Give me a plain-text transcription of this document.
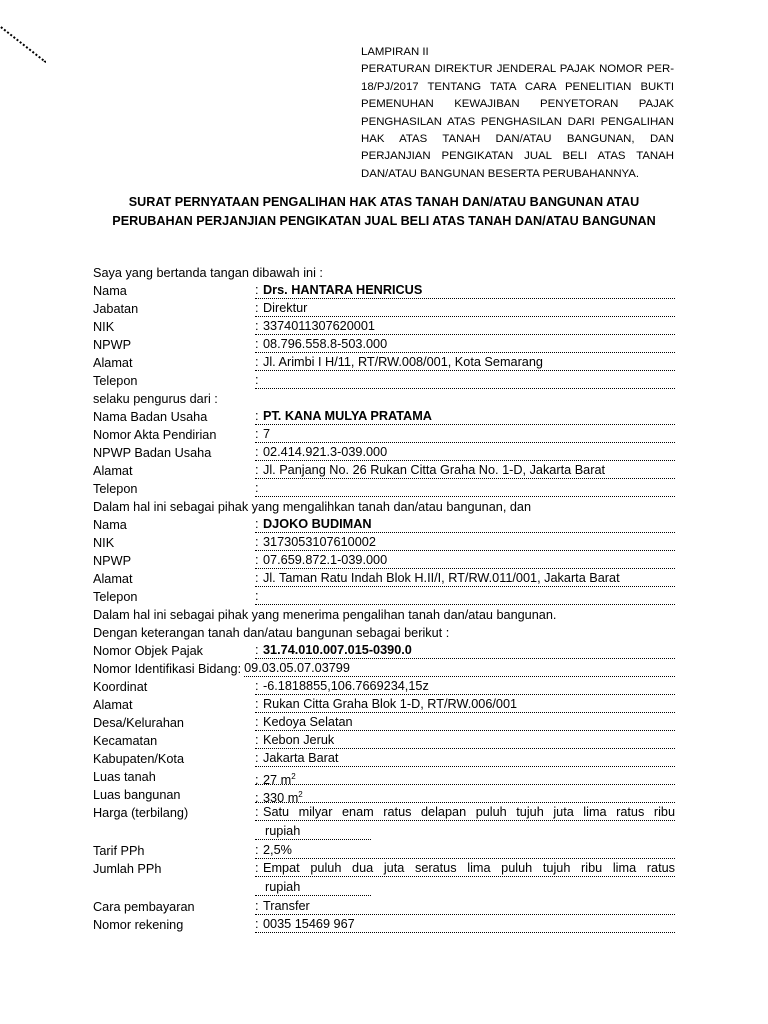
LAMPIRAN II
PERATURAN DIREKTUR JENDERAL PAJAK NOMOR PER-18/PJ/2017 TENTANG TATA CARA PENELITIAN BUKTI PEMENUHAN KEWAJIBAN PENYETORAN PAJAK PENGHASILAN ATAS PENGHASILAN DARI PENGALIHAN HAK ATAS TANAH DAN/ATAU BANGUNAN, DAN PERJANJIAN PENGIKATAN JUAL BELI ATAS TANAH DAN/ATAU BANGUNAN BESERTA PERUBAHANNYA.
SURAT PERNYATAAN PENGALIHAN HAK ATAS TANAH DAN/ATAU BANGUNAN ATAU
PERUBAHAN PERJANJIAN PENGIKATAN JUAL BELI ATAS TANAH DAN/ATAU BANGUNAN
Saya yang bertanda tangan dibawah ini :
Nama	: Drs. HANTARA HENRICUS
Jabatan	: Direktur
NIK	: 3374011307620001
NPWP	: 08.796.558.8-503.000
Alamat	: Jl. Arimbi I H/11, RT/RW.008/001, Kota Semarang
Telepon	:
selaku pengurus dari :
Nama Badan Usaha	: PT. KANA MULYA PRATAMA
Nomor Akta Pendirian	: 7
NPWP Badan Usaha	: 02.414.921.3-039.000
Alamat	: Jl. Panjang No. 26 Rukan Citta Graha No. 1-D, Jakarta Barat
Telepon	:
Dalam hal ini sebagai pihak yang mengalihkan tanah dan/atau bangunan, dan
Nama	: DJOKO BUDIMAN
NIK	: 3173053107610002
NPWP	: 07.659.872.1-039.000
Alamat	: Jl. Taman Ratu Indah Blok H.II/I, RT/RW.011/001, Jakarta Barat
Telepon	:
Dalam hal ini sebagai pihak yang menerima pengalihan tanah dan/atau bangunan.
Dengan keterangan tanah dan/atau bangunan sebagai berikut :
Nomor Objek Pajak	: 31.74.010.007.015-0390.0
Nomor Identifikasi Bidang: 09.03.05.07.03799
Koordinat	: -6.1818855,106.7669234,15z
Alamat	: Rukan Citta Graha Blok 1-D, RT/RW.006/001
Desa/Kelurahan	: Kedoya Selatan
Kecamatan	: Kebon Jeruk
Kabupaten/Kota	: Jakarta Barat
Luas tanah	: 27 $m^2$
Luas bangunan	: 330 $m^2$
Harga (terbilang)	: Satu milyar enam ratus delapan puluh tujuh juta lima ratus ribu
rupiah
Tarif PPh	: 2,5%
Jumlah PPh	: Empat puluh dua juta seratus lima puluh tujuh ribu lima ratus
rupiah
Cara pembayaran	: Transfer
Nomor rekening	: 0035 15469 967
